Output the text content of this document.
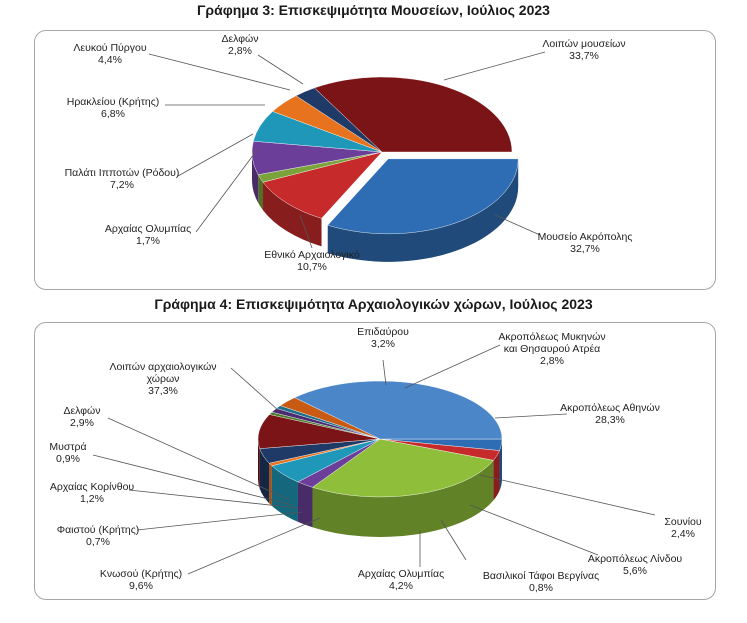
Γράφημα 3: Επισκεψιμότητα Μουσείων, Ιούλιος 2023
Γράφημα 4: Επισκεψιμότητα Αρχαιολογικών χώρων, Ιούλιος 2023
Μουσείο Ακρόπολης 32,7%
Εθνικό Αρχαιολογικό 10,7%
Αρχαίας Ολυμπίας 1,7%
Παλάτι Ιπποτών (Ρόδου) 7,2%
Ηρακλείου (Κρήτης) 6,8%
Λευκού Πύργου 4,4%
Δελφών 2,8%
Λοιπών μουσείων 33,7%
Επιδαύρου 3,2%
Ακροπόλεως Μυκηνών και Θησαυρού Ατρέα 2,8%
Ακροπόλεως Αθηνών 28,3%
Σουνίου 2,4%
Ακροπόλεως Λίνδου 5,6%
Βασιλικοί Τάφοι Βεργίνας 0,8%
Αρχαίας Ολυμπίας 4,2%
Κνωσού (Κρήτης) 9,6%
Φαιστού (Κρήτης) 0,7%
Αρχαίας Κορίνθου 1,2%
Μυστρά 0,9%
Δελφών 2,9%
Λοιπών αρχαιολογικών χώρων 37,3%
